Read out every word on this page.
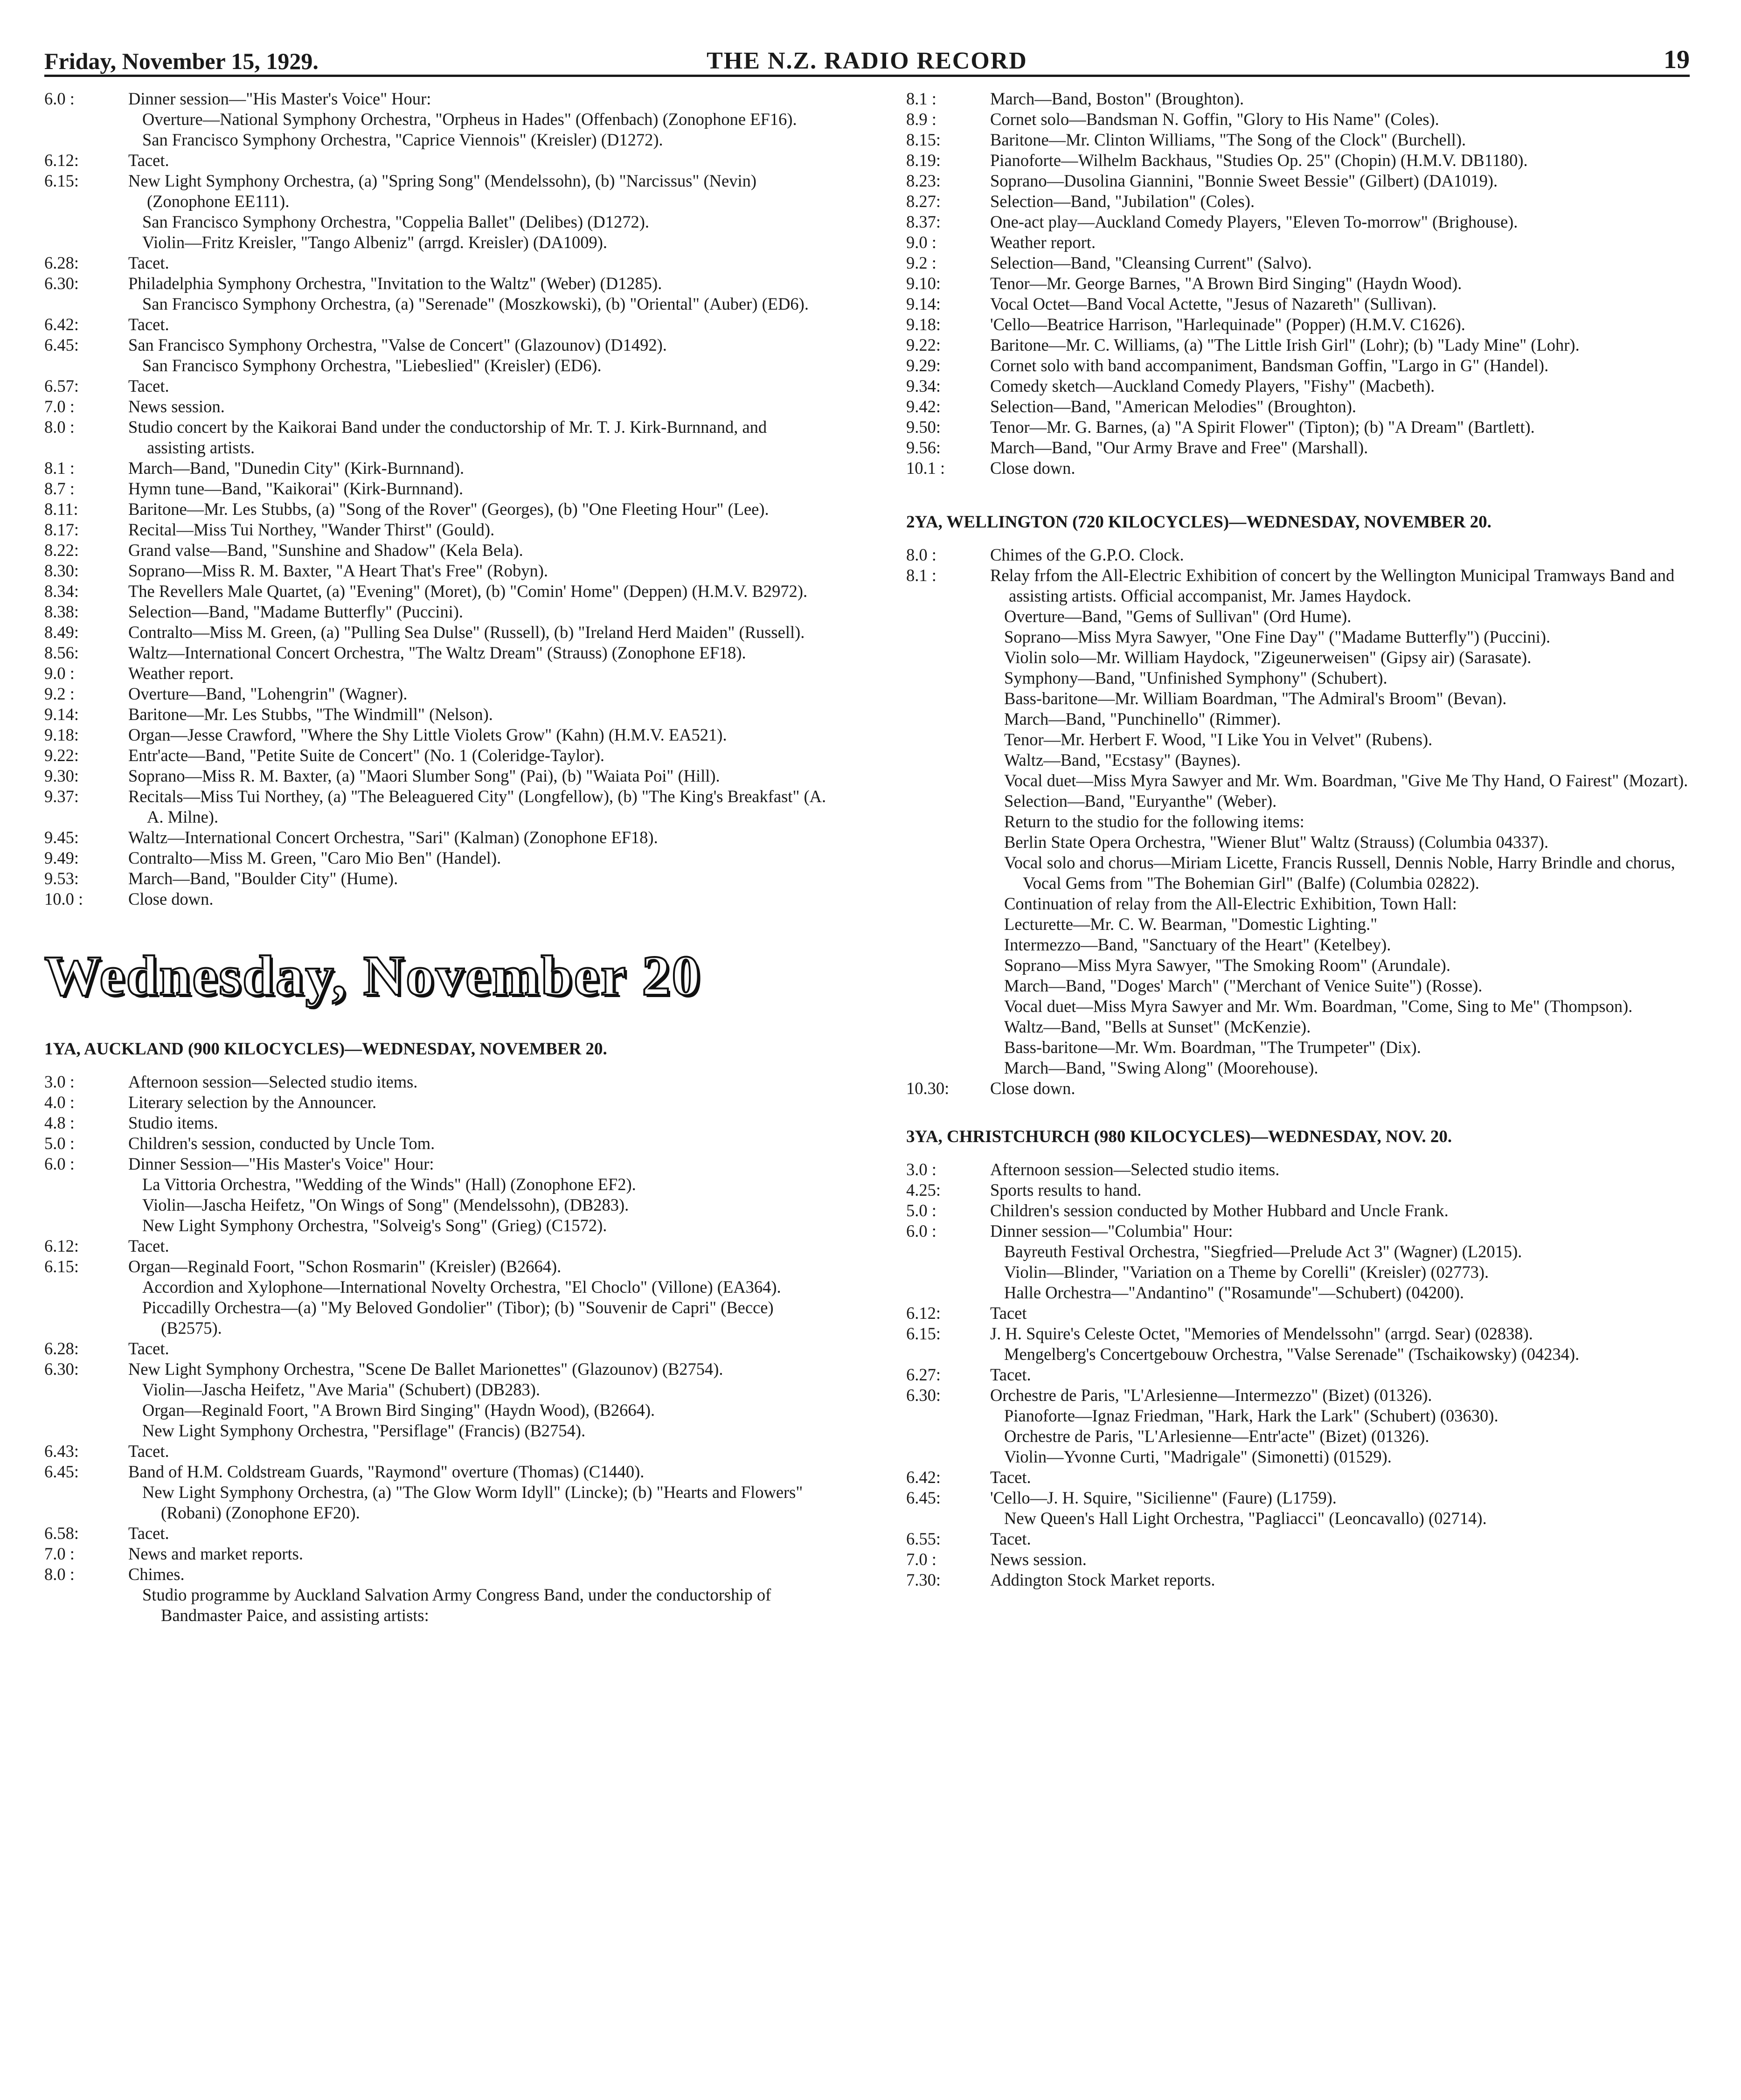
Friday, November 15, 1929.	THE N.Z. RADIO RECORD	19
6.0 :	Dinner session—"His Master's Voice" Hour:
Overture—National Symphony Orchestra, "Orpheus in Hades" (Offenbach) (Zonophone EF16).
San Francisco Symphony Orchestra, "Caprice Viennois" (Kreisler) (D1272).
6.12:	Tacet.
6.15:	New Light Symphony Orchestra, (a) "Spring Song" (Mendelssohn), (b) "Narcissus" (Nevin) (Zonophone EE111).
San Francisco Symphony Orchestra, "Coppelia Ballet" (Delibes) (D1272).
Violin—Fritz Kreisler, "Tango Albeniz" (arrgd. Kreisler) (DA1009).
6.28:	Tacet.
6.30:	Philadelphia Symphony Orchestra, "Invitation to the Waltz" (Weber) (D1285).
San Francisco Symphony Orchestra, (a) "Serenade" (Moszkowski), (b) "Oriental" (Auber) (ED6).
6.42:	Tacet.
6.45:	San Francisco Symphony Orchestra, "Valse de Concert" (Glazounov) (D1492).
San Francisco Symphony Orchestra, "Liebeslied" (Kreisler) (ED6).
6.57:	Tacet.
7.0 :	News session.
8.0 :	Studio concert by the Kaikorai Band under the conductorship of Mr. T. J. Kirk-Burnnand, and assisting artists.
8.1 :	March—Band, "Dunedin City" (Kirk-Burnnand).
8.7 :	Hymn tune—Band, "Kaikorai" (Kirk-Burnnand).
8.11:	Baritone—Mr. Les Stubbs, (a) "Song of the Rover" (Georges), (b) "One Fleeting Hour" (Lee).
8.17:	Recital—Miss Tui Northey, "Wander Thirst" (Gould).
8.22:	Grand valse—Band, "Sunshine and Shadow" (Kela Bela).
8.30:	Soprano—Miss R. M. Baxter, "A Heart That's Free" (Robyn).
8.34:	The Revellers Male Quartet, (a) "Evening" (Moret), (b) "Comin' Home" (Deppen) (H.M.V. B2972).
8.38:	Selection—Band, "Madame Butterfly" (Puccini).
8.49:	Contralto—Miss M. Green, (a) "Pulling Sea Dulse" (Russell), (b) "Ireland Herd Maiden" (Russell).
8.56:	Waltz—International Concert Orchestra, "The Waltz Dream" (Strauss) (Zonophone EF18).
9.0 :	Weather report.
9.2 :	Overture—Band, "Lohengrin" (Wagner).
9.14:	Baritone—Mr. Les Stubbs, "The Windmill" (Nelson).
9.18:	Organ—Jesse Crawford, "Where the Shy Little Violets Grow" (Kahn) (H.M.V. EA521).
9.22:	Entr'acte—Band, "Petite Suite de Concert" (No. 1 (Coleridge-Taylor).
9.30:	Soprano—Miss R. M. Baxter, (a) "Maori Slumber Song" (Pai), (b) "Waiata Poi" (Hill).
9.37:	Recitals—Miss Tui Northey, (a) "The Beleaguered City" (Longfellow), (b) "The King's Breakfast" (A. A. Milne).
9.45:	Waltz—International Concert Orchestra, "Sari" (Kalman) (Zonophone EF18).
9.49:	Contralto—Miss M. Green, "Caro Mio Ben" (Handel).
9.53:	March—Band, "Boulder City" (Hume).
10.0 :	Close down.
Wednesday, November 20
1YA, AUCKLAND (900 KILOCYCLES)—WEDNESDAY, NOVEMBER 20.
3.0 :	Afternoon session—Selected studio items.
4.0 :	Literary selection by the Announcer.
4.8 :	Studio items.
5.0 :	Children's session, conducted by Uncle Tom.
6.0 :	Dinner Session—"His Master's Voice" Hour:
La Vittoria Orchestra, "Wedding of the Winds" (Hall) (Zonophone EF2).
Violin—Jascha Heifetz, "On Wings of Song" (Mendelssohn), (DB283).
New Light Symphony Orchestra, "Solveig's Song" (Grieg) (C1572).
6.12:	Tacet.
6.15:	Organ—Reginald Foort, "Schon Rosmarin" (Kreisler) (B2664).
Accordion and Xylophone—International Novelty Orchestra, "El Choclo" (Villone) (EA364).
Piccadilly Orchestra—(a) "My Beloved Gondolier" (Tibor); (b) "Souvenir de Capri" (Becce) (B2575).
6.28:	Tacet.
6.30:	New Light Symphony Orchestra, "Scene De Ballet Marionettes" (Glazounov) (B2754).
Violin—Jascha Heifetz, "Ave Maria" (Schubert) (DB283).
Organ—Reginald Foort, "A Brown Bird Singing" (Haydn Wood), (B2664).
New Light Symphony Orchestra, "Persiflage" (Francis) (B2754).
6.43:	Tacet.
6.45:	Band of H.M. Coldstream Guards, "Raymond" overture (Thomas) (C1440).
New Light Symphony Orchestra, (a) "The Glow Worm Idyll" (Lincke); (b) "Hearts and Flowers" (Robani) (Zonophone EF20).
6.58:	Tacet.
7.0 :	News and market reports.
8.0 :	Chimes.
Studio programme by Auckland Salvation Army Congress Band, under the conductorship of Bandmaster Paice, and assisting artists:
8.1 :	March—Band, Boston" (Broughton).
8.9 :	Cornet solo—Bandsman N. Goffin, "Glory to His Name" (Coles).
8.15:	Baritone—Mr. Clinton Williams, "The Song of the Clock" (Burchell).
8.19:	Pianoforte—Wilhelm Backhaus, "Studies Op. 25" (Chopin) (H.M.V. DB1180).
8.23:	Soprano—Dusolina Giannini, "Bonnie Sweet Bessie" (Gilbert) (DA1019).
8.27:	Selection—Band, "Jubilation" (Coles).
8.37:	One-act play—Auckland Comedy Players, "Eleven To-morrow" (Brighouse).
9.0 :	Weather report.
9.2 :	Selection—Band, "Cleansing Current" (Salvo).
9.10:	Tenor—Mr. George Barnes, "A Brown Bird Singing" (Haydn Wood).
9.14:	Vocal Octet—Band Vocal Actette, "Jesus of Nazareth" (Sullivan).
9.18:	'Cello—Beatrice Harrison, "Harlequinade" (Popper) (H.M.V. C1626).
9.22:	Baritone—Mr. C. Williams, (a) "The Little Irish Girl" (Lohr); (b) "Lady Mine" (Lohr).
9.29:	Cornet solo with band accompaniment, Bandsman Goffin, "Largo in G" (Handel).
9.34:	Comedy sketch—Auckland Comedy Players, "Fishy" (Macbeth).
9.42:	Selection—Band, "American Melodies" (Broughton).
9.50:	Tenor—Mr. G. Barnes, (a) "A Spirit Flower" (Tipton); (b) "A Dream" (Bartlett).
9.56:	March—Band, "Our Army Brave and Free" (Marshall).
10.1 :	Close down.
2YA, WELLINGTON (720 KILOCYCLES)—WEDNESDAY, NOVEMBER 20.
8.0 :	Chimes of the G.P.O. Clock.
8.1 :	Relay frfom the All-Electric Exhibition of concert by the Wellington Municipal Tramways Band and assisting artists. Official accompanist, Mr. James Haydock.
Overture—Band, "Gems of Sullivan" (Ord Hume).
Soprano—Miss Myra Sawyer, "One Fine Day" ("Madame Butterfly") (Puccini).
Violin solo—Mr. William Haydock, "Zigeunerweisen" (Gipsy air) (Sarasate).
Symphony—Band, "Unfinished Symphony" (Schubert).
Bass-baritone—Mr. William Boardman, "The Admiral's Broom" (Bevan).
March—Band, "Punchinello" (Rimmer).
Tenor—Mr. Herbert F. Wood, "I Like You in Velvet" (Rubens).
Waltz—Band, "Ecstasy" (Baynes).
Vocal duet—Miss Myra Sawyer and Mr. Wm. Boardman, "Give Me Thy Hand, O Fairest" (Mozart).
Selection—Band, "Euryanthe" (Weber).
Return to the studio for the following items:
Berlin State Opera Orchestra, "Wiener Blut" Waltz (Strauss) (Columbia 04337).
Vocal solo and chorus—Miriam Licette, Francis Russell, Dennis Noble, Harry Brindle and chorus, Vocal Gems from "The Bohemian Girl" (Balfe) (Columbia 02822).
Continuation of relay from the All-Electric Exhibition, Town Hall:
Lecturette—Mr. C. W. Bearman, "Domestic Lighting."
Intermezzo—Band, "Sanctuary of the Heart" (Ketelbey).
Soprano—Miss Myra Sawyer, "The Smoking Room" (Arundale).
March—Band, "Doges' March" ("Merchant of Venice Suite") (Rosse).
Vocal duet—Miss Myra Sawyer and Mr. Wm. Boardman, "Come, Sing to Me" (Thompson).
Waltz—Band, "Bells at Sunset" (McKenzie).
Bass-baritone—Mr. Wm. Boardman, "The Trumpeter" (Dix).
March—Band, "Swing Along" (Moorehouse).
10.30:	Close down.
3YA, CHRISTCHURCH (980 KILOCYCLES)—WEDNESDAY, NOV. 20.
3.0 :	Afternoon session—Selected studio items.
4.25:	Sports results to hand.
5.0 :	Children's session conducted by Mother Hubbard and Uncle Frank.
6.0 :	Dinner session—"Columbia" Hour:
Bayreuth Festival Orchestra, "Siegfried—Prelude Act 3" (Wagner) (L2015).
Violin—Blinder, "Variation on a Theme by Corelli" (Kreisler) (02773).
Halle Orchestra—"Andantino" ("Rosamunde"—Schubert) (04200).
6.12:	Tacet
6.15:	J. H. Squire's Celeste Octet, "Memories of Mendelssohn" (arrgd. Sear) (02838).
Mengelberg's Concertgebouw Orchestra, "Valse Serenade" (Tschaikowsky) (04234).
6.27:	Tacet.
6.30:	Orchestre de Paris, "L'Arlesienne—Intermezzo" (Bizet) (01326).
Pianoforte—Ignaz Friedman, "Hark, Hark the Lark" (Schubert) (03630).
Orchestre de Paris, "L'Arlesienne—Entr'acte" (Bizet) (01326).
Violin—Yvonne Curti, "Madrigale" (Simonetti) (01529).
6.42:	Tacet.
6.45:	'Cello—J. H. Squire, "Sicilienne" (Faure) (L1759).
New Queen's Hall Light Orchestra, "Pagliacci" (Leoncavallo) (02714).
6.55:	Tacet.
7.0 :	News session.
7.30:	Addington Stock Market reports.
